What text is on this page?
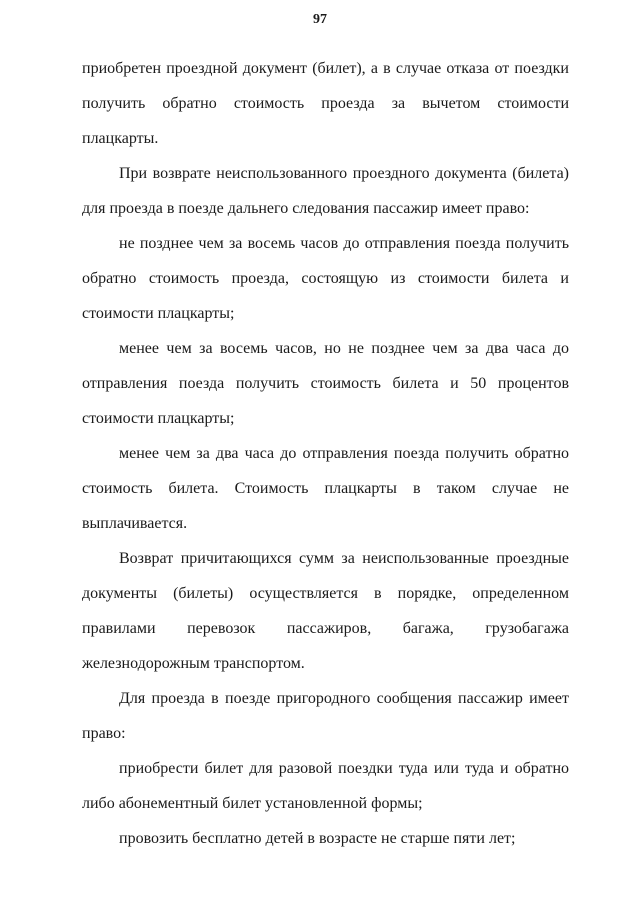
97

приобретен проездной документ (билет), а в случае отказа от поездки получить обратно стоимость проезда за вычетом стоимости плацкарты.

При возврате неиспользованного проездного документа (билета) для проезда в поезде дальнего следования пассажир имеет право:

не позднее чем за восемь часов до отправления поезда получить обратно стоимость проезда, состоящую из стоимости билета и стоимости плацкарты;

менее чем за восемь часов, но не позднее чем за два часа до отправления поезда получить стоимость билета и 50 процентов стоимости плацкарты;

менее чем за два часа до отправления поезда получить обратно стоимость билета. Стоимость плацкарты в таком случае не выплачивается.

Возврат причитающихся сумм за неиспользованные проездные документы (билеты) осуществляется в порядке, определенном правилами перевозок пассажиров, багажа, грузобагажа железнодорожным транспортом.

Для проезда в поезде пригородного сообщения пассажир имеет право:

приобрести билет для разовой поездки туда или туда и обратно либо абонементный билет установленной формы;

провозить бесплатно детей в возрасте не старше пяти лет;
